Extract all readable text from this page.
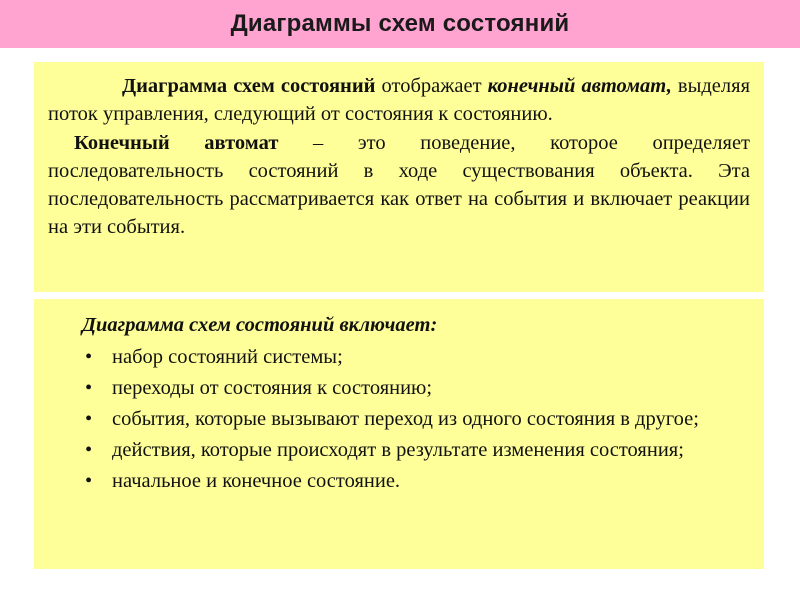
Диаграммы схем состояний

Диаграмма схем состояний отображает конечный автомат, выделяя поток управления, следующий от состояния к состоянию.

Конечный автомат – это поведение, которое определяет последовательность состояний в ходе существования объекта. Эта последовательность рассматривается как ответ на события и включает реакции на эти события.

Диаграмма схем состояний включает:

• набор состояний системы;
• переходы от состояния к состоянию;
• события, которые вызывают переход из одного состояния в другое;
• действия, которые происходят в результате изменения состояния;
• начальное и конечное состояние.
